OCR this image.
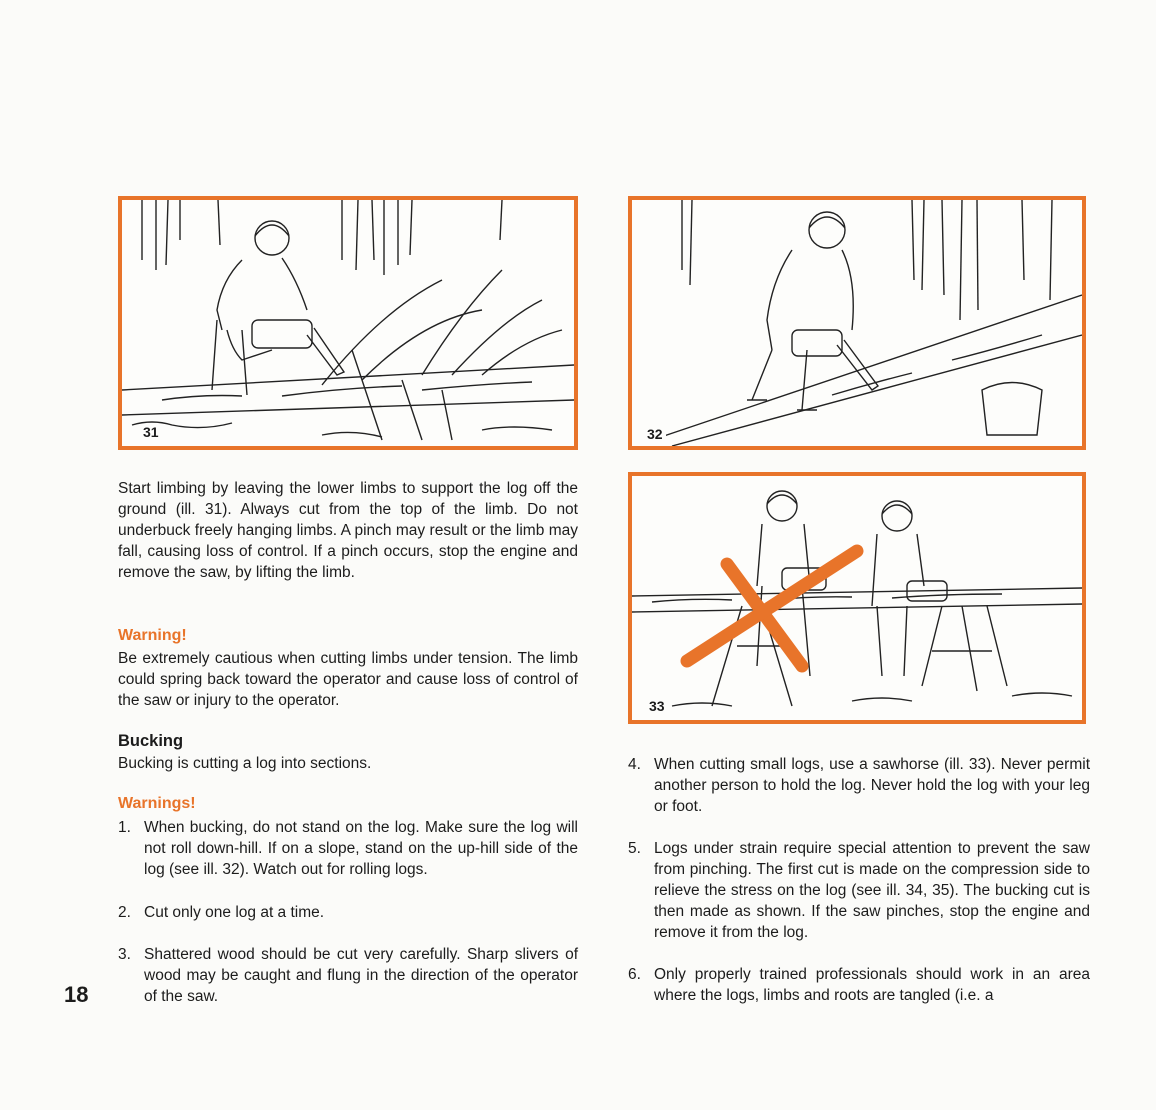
31	32
33
Start limbing by leaving the lower limbs to support the log off the ground (ill. 31). Always cut from the top of the limb. Do not underbuck freely hanging limbs. A pinch may result or the limb may fall, causing loss of control. If a pinch occurs, stop the engine and remove the saw, by lifting the limb.
Warning!
Be extremely cautious when cutting limbs under tension. The limb could spring back toward the operator and cause loss of control of the saw or injury to the operator.
Bucking
Bucking is cutting a log into sections.
Warnings!
1. When bucking, do not stand on the log. Make sure the log will not roll down-hill. If on a slope, stand on the up-hill side of the log (see ill. 32). Watch out for rolling logs.
2. Cut only one log at a time.
3. Shattered wood should be cut very carefully. Sharp slivers of wood may be caught and flung in the direction of the operator of the saw.
4. When cutting small logs, use a sawhorse (ill. 33). Never permit another person to hold the log. Never hold the log with your leg or foot.
5. Logs under strain require special attention to prevent the saw from pinching. The first cut is made on the compression side to relieve the stress on the log (see ill. 34, 35). The bucking cut is then made as shown. If the saw pinches, stop the engine and remove it from the log.
6. Only properly trained professionals should work in an area where the logs, limbs and roots are tangled (i.e. a
18
